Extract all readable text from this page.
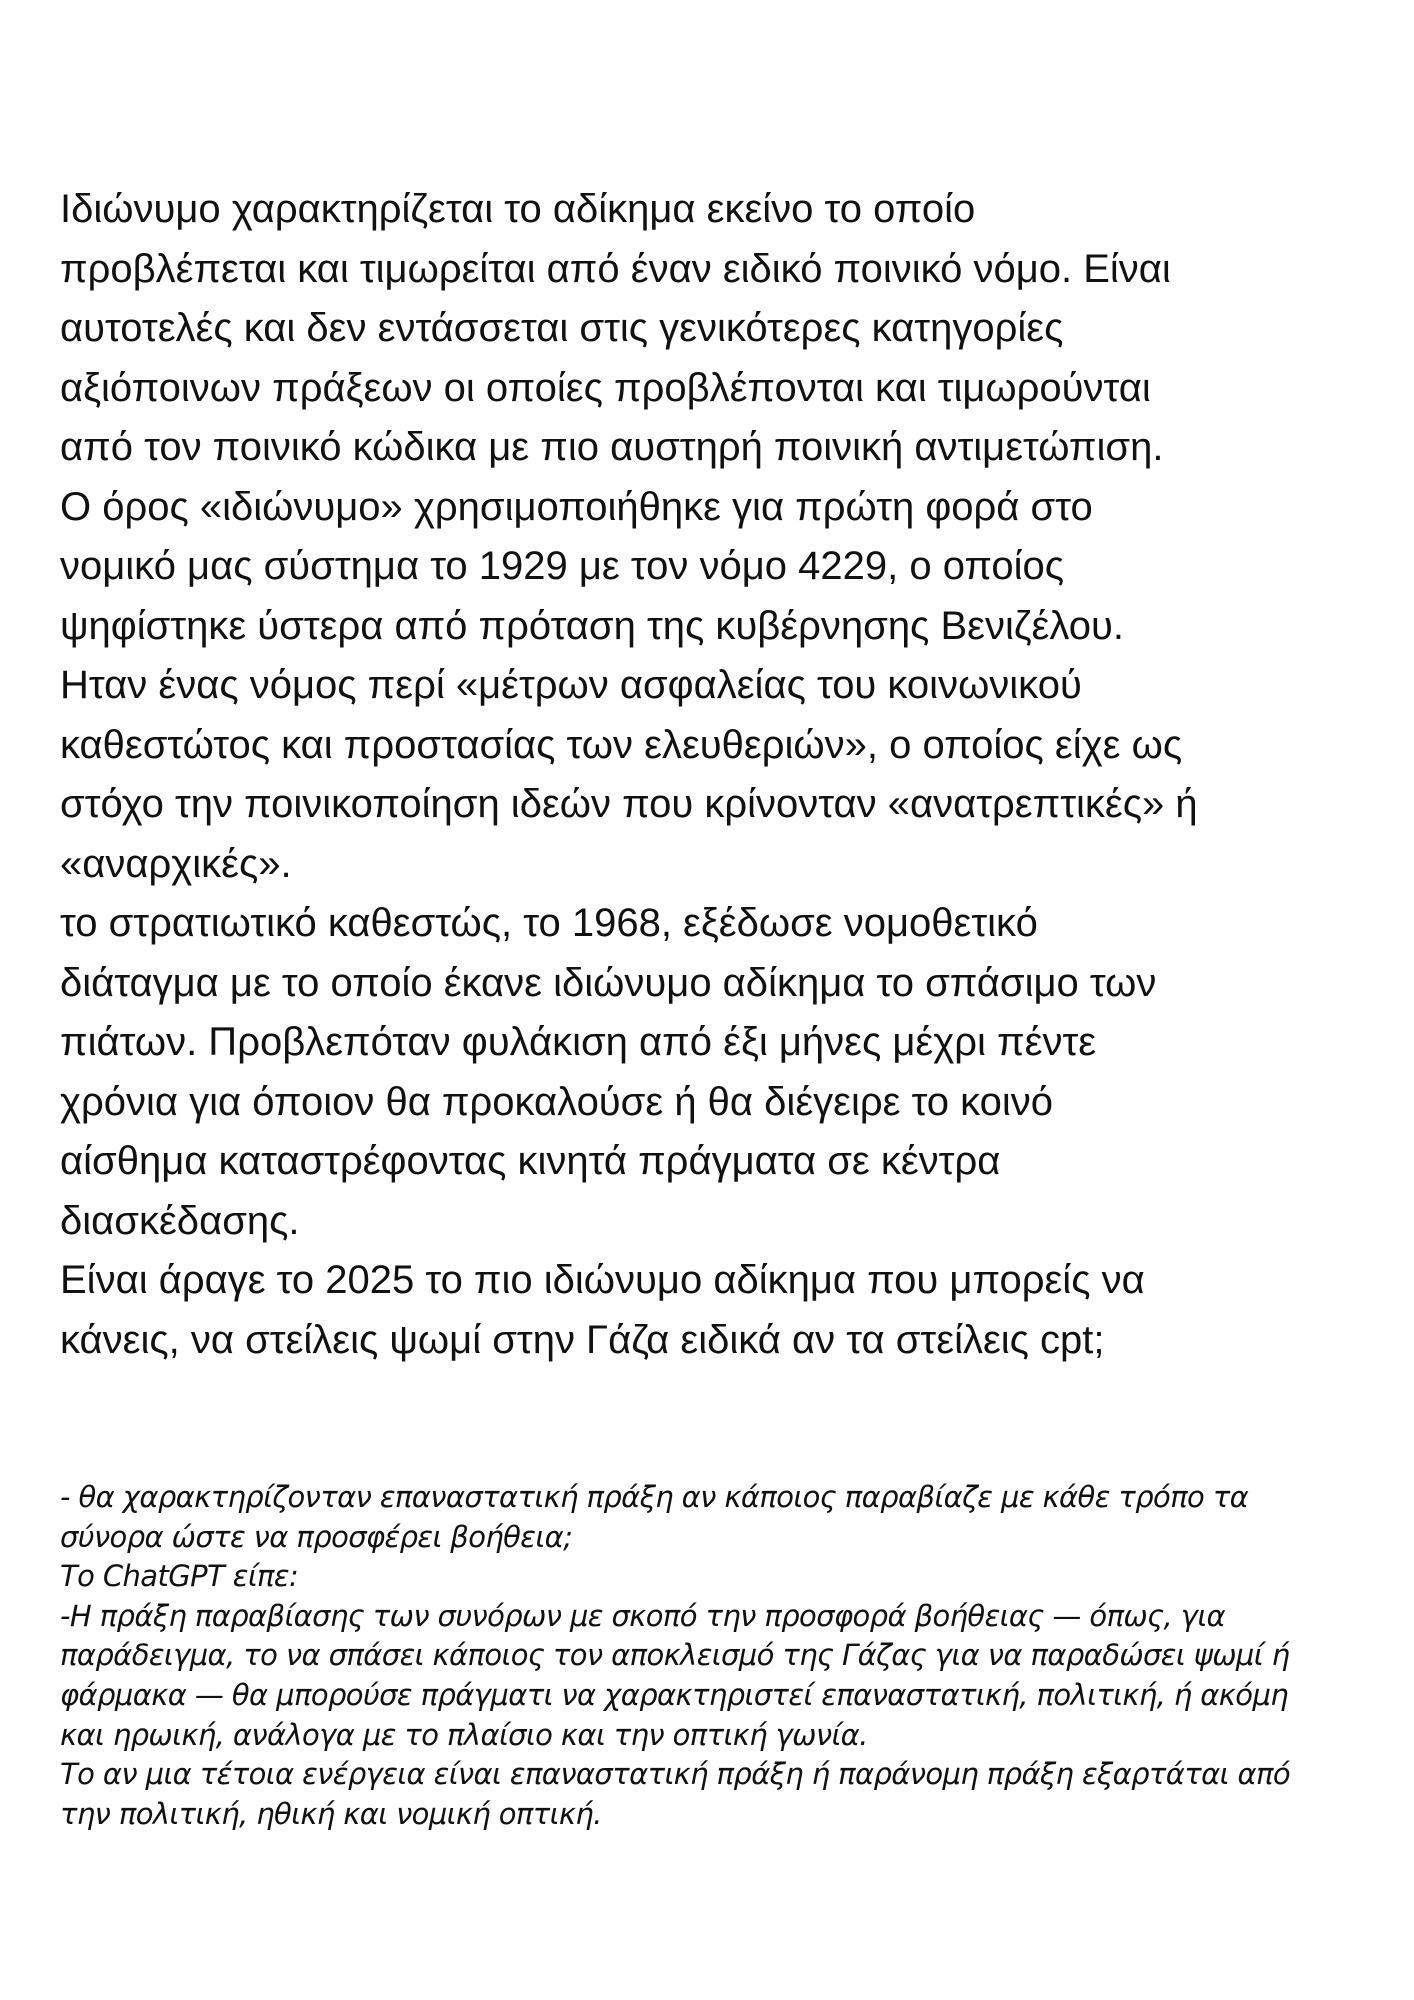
Ιδιώνυμο χαρακτηρίζεται το αδίκημα εκείνο το οποίο
προβλέπεται και τιμωρείται από έναν ειδικό ποινικό νόμο. Είναι
αυτοτελές και δεν εντάσσεται στις γενικότερες κατηγορίες
αξιόποινων πράξεων οι οποίες προβλέπονται και τιμωρούνται
από τον ποινικό κώδικα με πιο αυστηρή ποινική αντιμετώπιση.
Ο όρος «ιδιώνυμο» χρησιμοποιήθηκε για πρώτη φορά στο
νομικό μας σύστημα το 1929 με τον νόμο 4229, ο οποίος
ψηφίστηκε ύστερα από πρόταση της κυβέρνησης Βενιζέλου.
Ηταν ένας νόμος περί «μέτρων ασφαλείας του κοινωνικού
καθεστώτος και προστασίας των ελευθεριών», ο οποίος είχε ως
στόχο την ποινικοποίηση ιδεών που κρίνονταν «ανατρεπτικές» ή
«αναρχικές».
το στρατιωτικό καθεστώς, το 1968, εξέδωσε νομοθετικό
διάταγμα με το οποίο έκανε ιδιώνυμο αδίκημα το σπάσιμο των
πιάτων. Προβλεπόταν φυλάκιση από έξι μήνες μέχρι πέντε
χρόνια για όποιον θα προκαλούσε ή θα διέγειρε το κοινό
αίσθημα καταστρέφοντας κινητά πράγματα σε κέντρα
διασκέδασης.
Είναι άραγε το 2025 το πιο ιδιώνυμο αδίκημα που μπορείς να
κάνεις, να στείλεις ψωμί στην Γάζα ειδικά αν τα στείλεις cpt;
- θα χαρακτηρίζονταν επαναστατική πράξη αν κάποιος παραβίαζε με κάθε τρόπο τα
σύνορα ώστε να προσφέρει βοήθεια;
Το ChatGPT είπε:
-Η πράξη παραβίασης των συνόρων με σκοπό την προσφορά βοήθειας — όπως, για
παράδειγμα, το να σπάσει κάποιος τον αποκλεισμό της Γάζας για να παραδώσει ψωμί ή
φάρμακα — θα μπορούσε πράγματι να χαρακτηριστεί επαναστατική, πολιτική, ή ακόμη
και ηρωική, ανάλογα με το πλαίσιο και την οπτική γωνία.
Το αν μια τέτοια ενέργεια είναι επαναστατική πράξη ή παράνομη πράξη εξαρτάται από
την πολιτική, ηθική και νομική οπτική.
